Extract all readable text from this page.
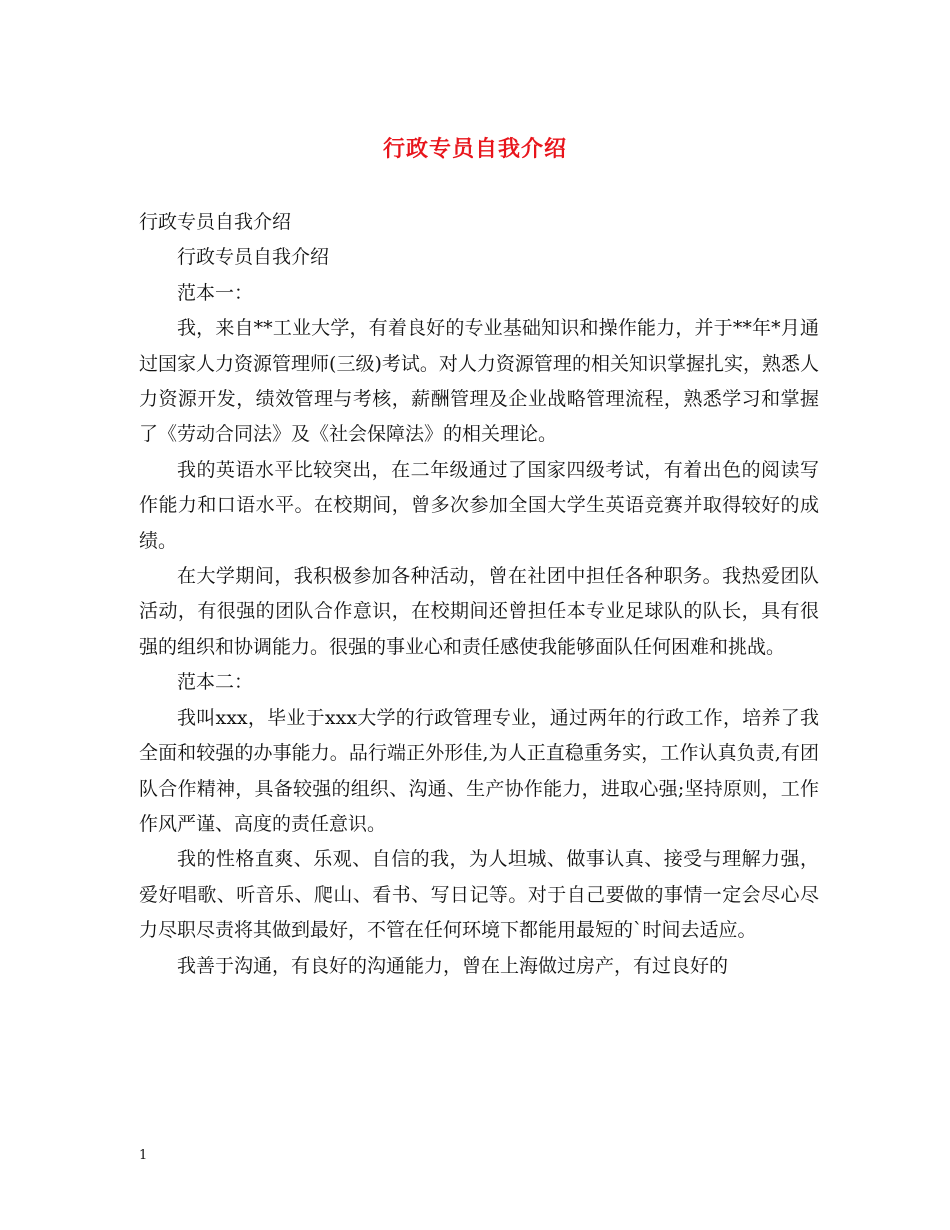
行政专员自我介绍

行政专员自我介绍

行政专员自我介绍

范本一：

我，来自**工业大学，有着良好的专业基础知识和操作能力，并于**年*月通过国家人力资源管理师(三级)考试。对人力资源管理的相关知识掌握扎实，熟悉人力资源开发，绩效管理与考核，薪酬管理及企业战略管理流程，熟悉学习和掌握了《劳动合同法》及《社会保障法》的相关理论。

我的英语水平比较突出，在二年级通过了国家四级考试，有着出色的阅读写作能力和口语水平。在校期间，曾多次参加全国大学生英语竞赛并取得较好的成绩。

在大学期间，我积极参加各种活动，曾在社团中担任各种职务。我热爱团队活动，有很强的团队合作意识，在校期间还曾担任本专业足球队的队长，具有很强的组织和协调能力。很强的事业心和责任感使我能够面队任何困难和挑战。

范本二：

我叫xxx，毕业于xxx大学的行政管理专业，通过两年的行政工作，培养了我全面和较强的办事能力。品行端正外形佳,为人正直稳重务实，工作认真负责,有团队合作精神，具备较强的组织、沟通、生产协作能力，进取心强;坚持原则，工作作风严谨、高度的责任意识。

我的性格直爽、乐观、自信的我，为人坦城、做事认真、接受与理解力强，爱好唱歌、听音乐、爬山、看书、写日记等。对于自己要做的事情一定会尽心尽力尽职尽责将其做到最好，不管在任何环境下都能用最短的`时间去适应。

我善于沟通，有良好的沟通能力，曾在上海做过房产，有过良好的

1
